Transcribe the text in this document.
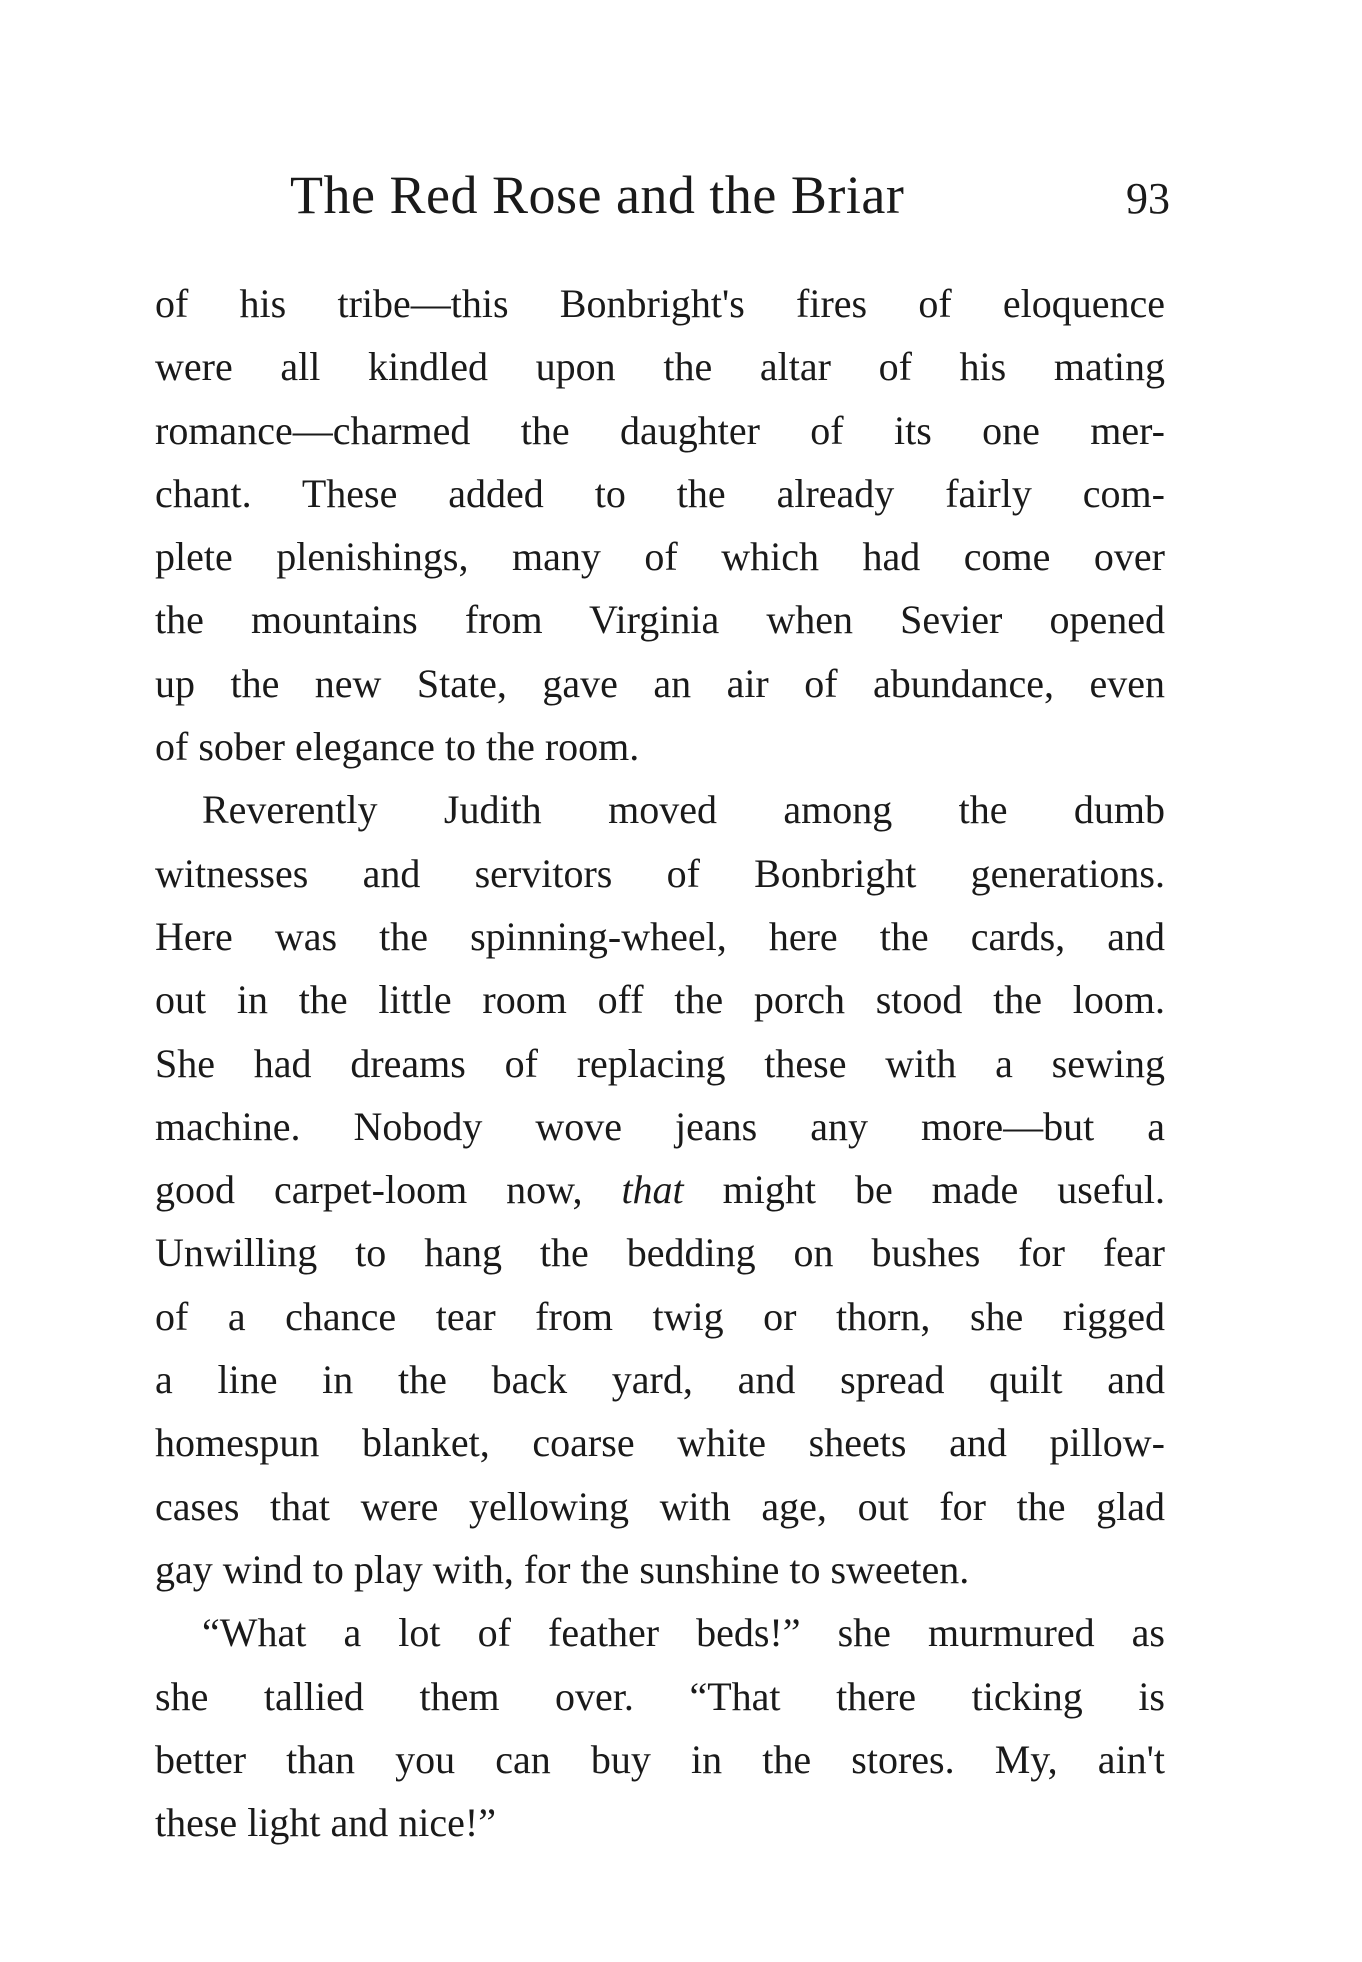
The Red Rose and the Briar	93
of his tribe—this Bonbright's fires of eloquence
were all kindled upon the altar of his mating
romance—charmed the daughter of its one mer-
chant. These added to the already fairly com-
plete plenishings, many of which had come over
the mountains from Virginia when Sevier opened
up the new State, gave an air of abundance, even
of sober elegance to the room.
Reverently Judith moved among the dumb
witnesses and servitors of Bonbright generations.
Here was the spinning-wheel, here the cards, and
out in the little room off the porch stood the loom.
She had dreams of replacing these with a sewing
machine. Nobody wove jeans any more—but a
good carpet-loom now, that might be made useful.
Unwilling to hang the bedding on bushes for fear
of a chance tear from twig or thorn, she rigged
a line in the back yard, and spread quilt and
homespun blanket, coarse white sheets and pillow-
cases that were yellowing with age, out for the glad
gay wind to play with, for the sunshine to sweeten.
“What a lot of feather beds!” she murmured as
she tallied them over. “That there ticking is
better than you can buy in the stores. My, ain't
these light and nice!”
